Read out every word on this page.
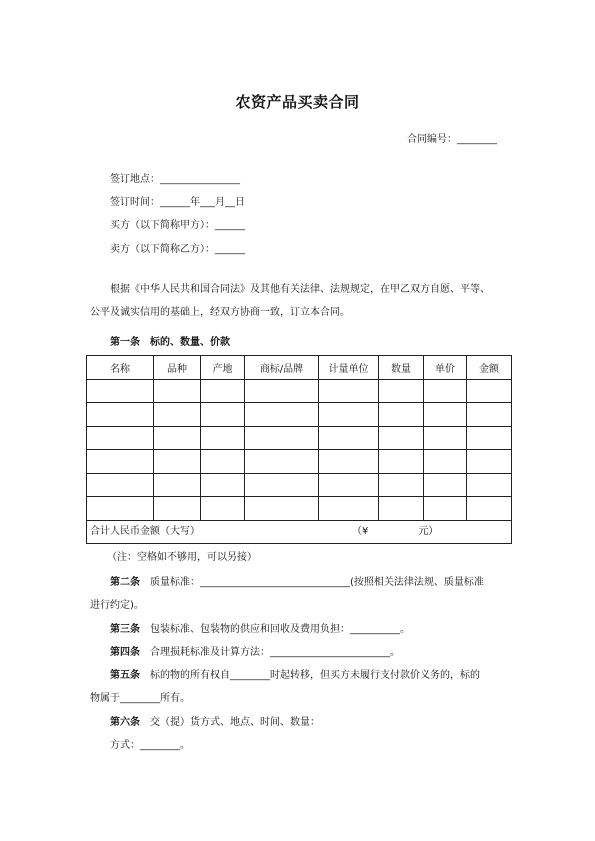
农资产品买卖合同
合同编号：________
签订地点：________________
签订时间：______年___月__日
买方（以下简称甲方）：______
卖方（以下简称乙方）：______
根据《中华人民共和国合同法》及其他有关法律、法规规定，在甲乙双方自愿、平等、
公平及诚实信用的基础上，经双方协商一致，订立本合同。
第一条　标的、数量、价款
名称	品种	产地	商标/品牌	计量单位	数量	单价	金额

合计人民币金额（大写） （¥　　　　　元）							
（注：空格如不够用，可以另接）
第二条 质量标准：______________________________(按照相关法律法规、质量标准
进行约定)。
第三条 包装标准、包装物的供应和回收及费用负担：__________。
第四条 合理损耗标准及计算方法：________________________。
第五条 标的物的所有权自________时起转移，但买方未履行支付款价义务的，标的
物属于________所有。
第六条 交（提）货方式、地点、时间、数量：
方式：________。
